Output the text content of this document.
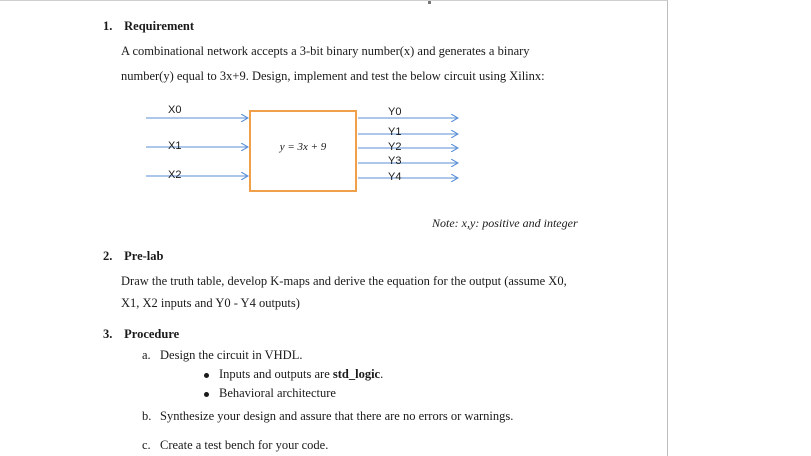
1. Requirement
A combinational network accepts a 3-bit binary number(x) and generates a binary
number(y) equal to 3x+9. Design, implement and test the below circuit using Xilinx:
y = 3x + 9
X0
X1
X2
Y0
Y1
Y2
Y3
Y4
Note: x,y: positive and integer
2. Pre-lab
Draw the truth table, develop K-maps and derive the equation for the output (assume X0,
X1, X2 inputs and Y0 - Y4 outputs)
3. Procedure
a. Design the circuit in VHDL.
Inputs and outputs are std_logic.
Behavioral architecture
b. Synthesize your design and assure that there are no errors or warnings.
c. Create a test bench for your code.
